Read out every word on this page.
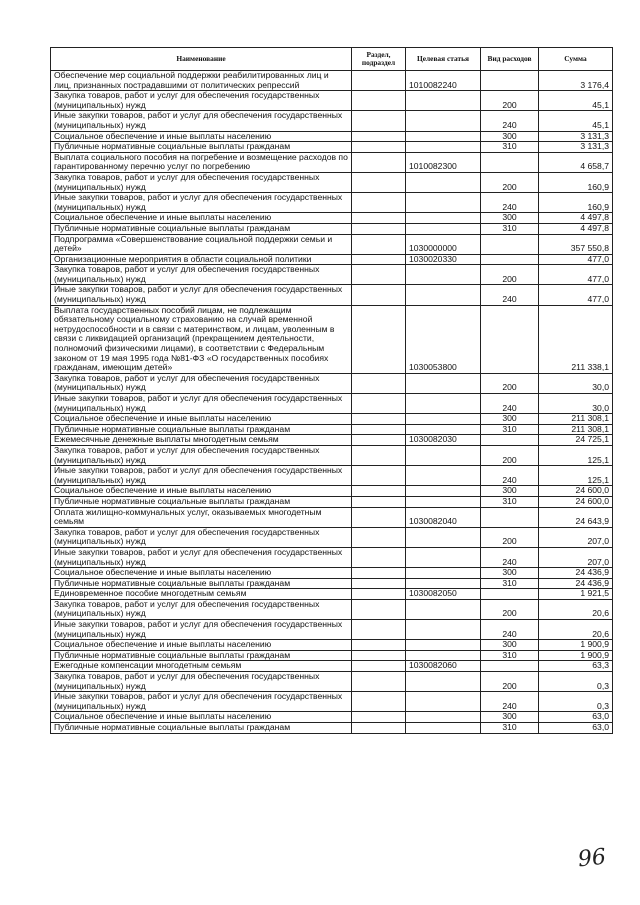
Наименование	Раздел, подраздел	Целевая статья	Вид расходов	Сумма
Обеспечение мер социальной поддержки реабилитированных лиц и лиц, признанных пострадавшими от политических репрессий		1010082240		3 176,4
Закупка товаров, работ и услуг для обеспечения государственных (муниципальных) нужд			200	45,1
Иные закупки товаров, работ и услуг для обеспечения государственных (муниципальных) нужд			240	45,1
Социальное обеспечение и иные выплаты населению			300	3 131,3
Публичные нормативные социальные выплаты гражданам			310	3 131,3
Выплата социального пособия на погребение и возмещение расходов по гарантированному перечню услуг по погребению		1010082300		4 658,7
Закупка товаров, работ и услуг для обеспечения государственных (муниципальных) нужд			200	160,9
Иные закупки товаров, работ и услуг для обеспечения государственных (муниципальных) нужд			240	160,9
Социальное обеспечение и иные выплаты населению			300	4 497,8
Публичные нормативные социальные выплаты гражданам			310	4 497,8
Подпрограмма «Совершенствование социальной поддержки семьи и детей»		1030000000		357 550,8
Организационные мероприятия в области социальной политики		1030020330		477,0
Закупка товаров, работ и услуг для обеспечения государственных (муниципальных) нужд			200	477,0
Иные закупки товаров, работ и услуг для обеспечения государственных (муниципальных) нужд			240	477,0
Выплата государственных пособий лицам, не подлежащим обязательному социальному страхованию на случай временной нетрудоспособности и в связи с материнством, и лицам, уволенным в связи с ликвидацией организаций (прекращением деятельности, полномочий физическими лицами), в соответствии с Федеральным законом от 19 мая 1995 года №81-ФЗ «О государственных пособиях гражданам, имеющим детей»		1030053800		211 338,1
Закупка товаров, работ и услуг для обеспечения государственных (муниципальных) нужд			200	30,0
Иные закупки товаров, работ и услуг для обеспечения государственных (муниципальных) нужд			240	30,0
Социальное обеспечение и иные выплаты населению			300	211 308,1
Публичные нормативные социальные выплаты гражданам			310	211 308,1
Ежемесячные денежные выплаты многодетным семьям		1030082030		24 725,1
Закупка товаров, работ и услуг для обеспечения государственных (муниципальных) нужд			200	125,1
Иные закупки товаров, работ и услуг для обеспечения государственных (муниципальных) нужд			240	125,1
Социальное обеспечение и иные выплаты населению			300	24 600,0
Публичные нормативные социальные выплаты гражданам			310	24 600,0
Оплата жилищно-коммунальных услуг, оказываемых многодетным семьям		1030082040		24 643,9
Закупка товаров, работ и услуг для обеспечения государственных (муниципальных) нужд			200	207,0
Иные закупки товаров, работ и услуг для обеспечения государственных (муниципальных) нужд			240	207,0
Социальное обеспечение и иные выплаты населению			300	24 436,9
Публичные нормативные социальные выплаты гражданам			310	24 436,9
Единовременное пособие многодетным семьям		1030082050		1 921,5
Закупка товаров, работ и услуг для обеспечения государственных (муниципальных) нужд			200	20,6
Иные закупки товаров, работ и услуг для обеспечения государственных (муниципальных) нужд			240	20,6
Социальное обеспечение и иные выплаты населению			300	1 900,9
Публичные нормативные социальные выплаты гражданам			310	1 900,9
Ежегодные компенсации многодетным семьям		1030082060		63,3
Закупка товаров, работ и услуг для обеспечения государственных (муниципальных) нужд			200	0,3
Иные закупки товаров, работ и услуг для обеспечения государственных (муниципальных) нужд			240	0,3
Социальное обеспечение и иные выплаты населению			300	63,0
Публичные нормативные социальные выплаты гражданам			310	63,0
96
